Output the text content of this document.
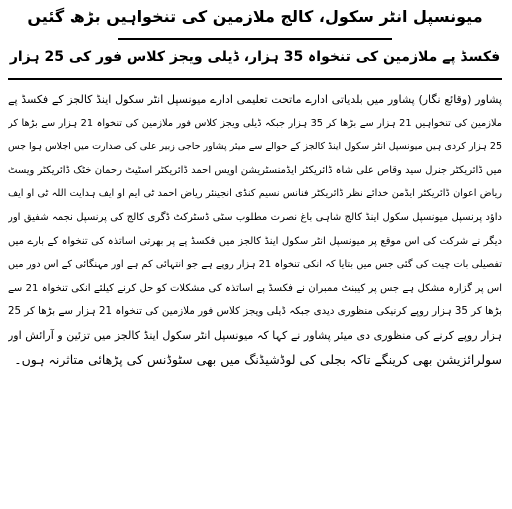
میونسپل انٹر سکول، کالج ملازمین کی تنخواہیں بڑھ گئیں
فکسڈ پے ملازمین کی تنخواہ 35 ہزار، ڈیلی ویجز کلاس فور کی 25 ہزار
پشاور (وقائع نگار) پشاور میں بلدیاتی ادارے ماتحت تعلیمی ادارے میونسپل انٹر سکول اینڈ کالجز کے فکسڈ پے
ملازمین کی تنخواہیں 21 ہزار سے بڑھا کر 35 ہزار جبکہ ڈیلی ویجز کلاس فور ملازمین کی تنخواہ 21 ہزار سے بڑھا کر
25 ہزار کردی ہیں میونسپل انٹر سکول اینڈ کالجز کے حوالے سے میئر پشاور حاجی زبیر علی کی صدارت میں اجلاس ہوا جس
میں ڈائریکٹر جنرل سید وقاص علی شاہ ڈائریکٹر ایڈمنسٹریشن اویس احمد ڈائریکٹر اسٹیٹ رحمان خٹک ڈائریکٹر ویسٹ
ریاض اعوان ڈائریکٹر ایڈمن خدائے نظر ڈائریکٹر فنانس نسیم کنڈی انجینئر ریاض احمد ٹی ایم او ایف ہدایت اللہ ٹی او ایف
داؤد پرنسپل میونسپل سکول اینڈ کالج شاہی باغ نصرت مطلوب سٹی ڈسٹرکٹ ڈگری کالج کی پرنسپل نجمہ شفیق اور
دیگر نے شرکت کی اس موقع پر میونسپل انٹر سکول اینڈ کالجز میں فکسڈ پے پر بھرتی اساتذہ کی تنخواہ کے بارے میں
تفصیلی بات چیت کی گئی جس میں بتایا کہ انکی تنخواہ 21 ہزار روپے ہے جو انتہائی کم ہے اور مہنگائی کے اس دور میں
اس پر گزارہ مشکل ہے جس پر کیبنٹ ممبران نے فکسڈ پے اساتذہ کی مشکلات کو حل کرنے کیلئے انکی تنخواہ 21 سے
بڑھا کر 35 ہزار روپے کرنیکی منظوری دیدی جبکہ ڈیلی ویجز کلاس فور ملازمین کی تنخواہ 21 ہزار سے بڑھا کر 25
ہزار روپے کرنے کی منظوری دی میئر پشاور نے کہا کہ میونسپل انٹر سکول اینڈ کالجز میں تزئین و آرائش اور
سولرائزیشن بھی کرینگے تاکہ بجلی کی لوڈشیڈنگ میں بھی سٹوڈنس کی پڑھائی متاثرنہ ہوں۔
